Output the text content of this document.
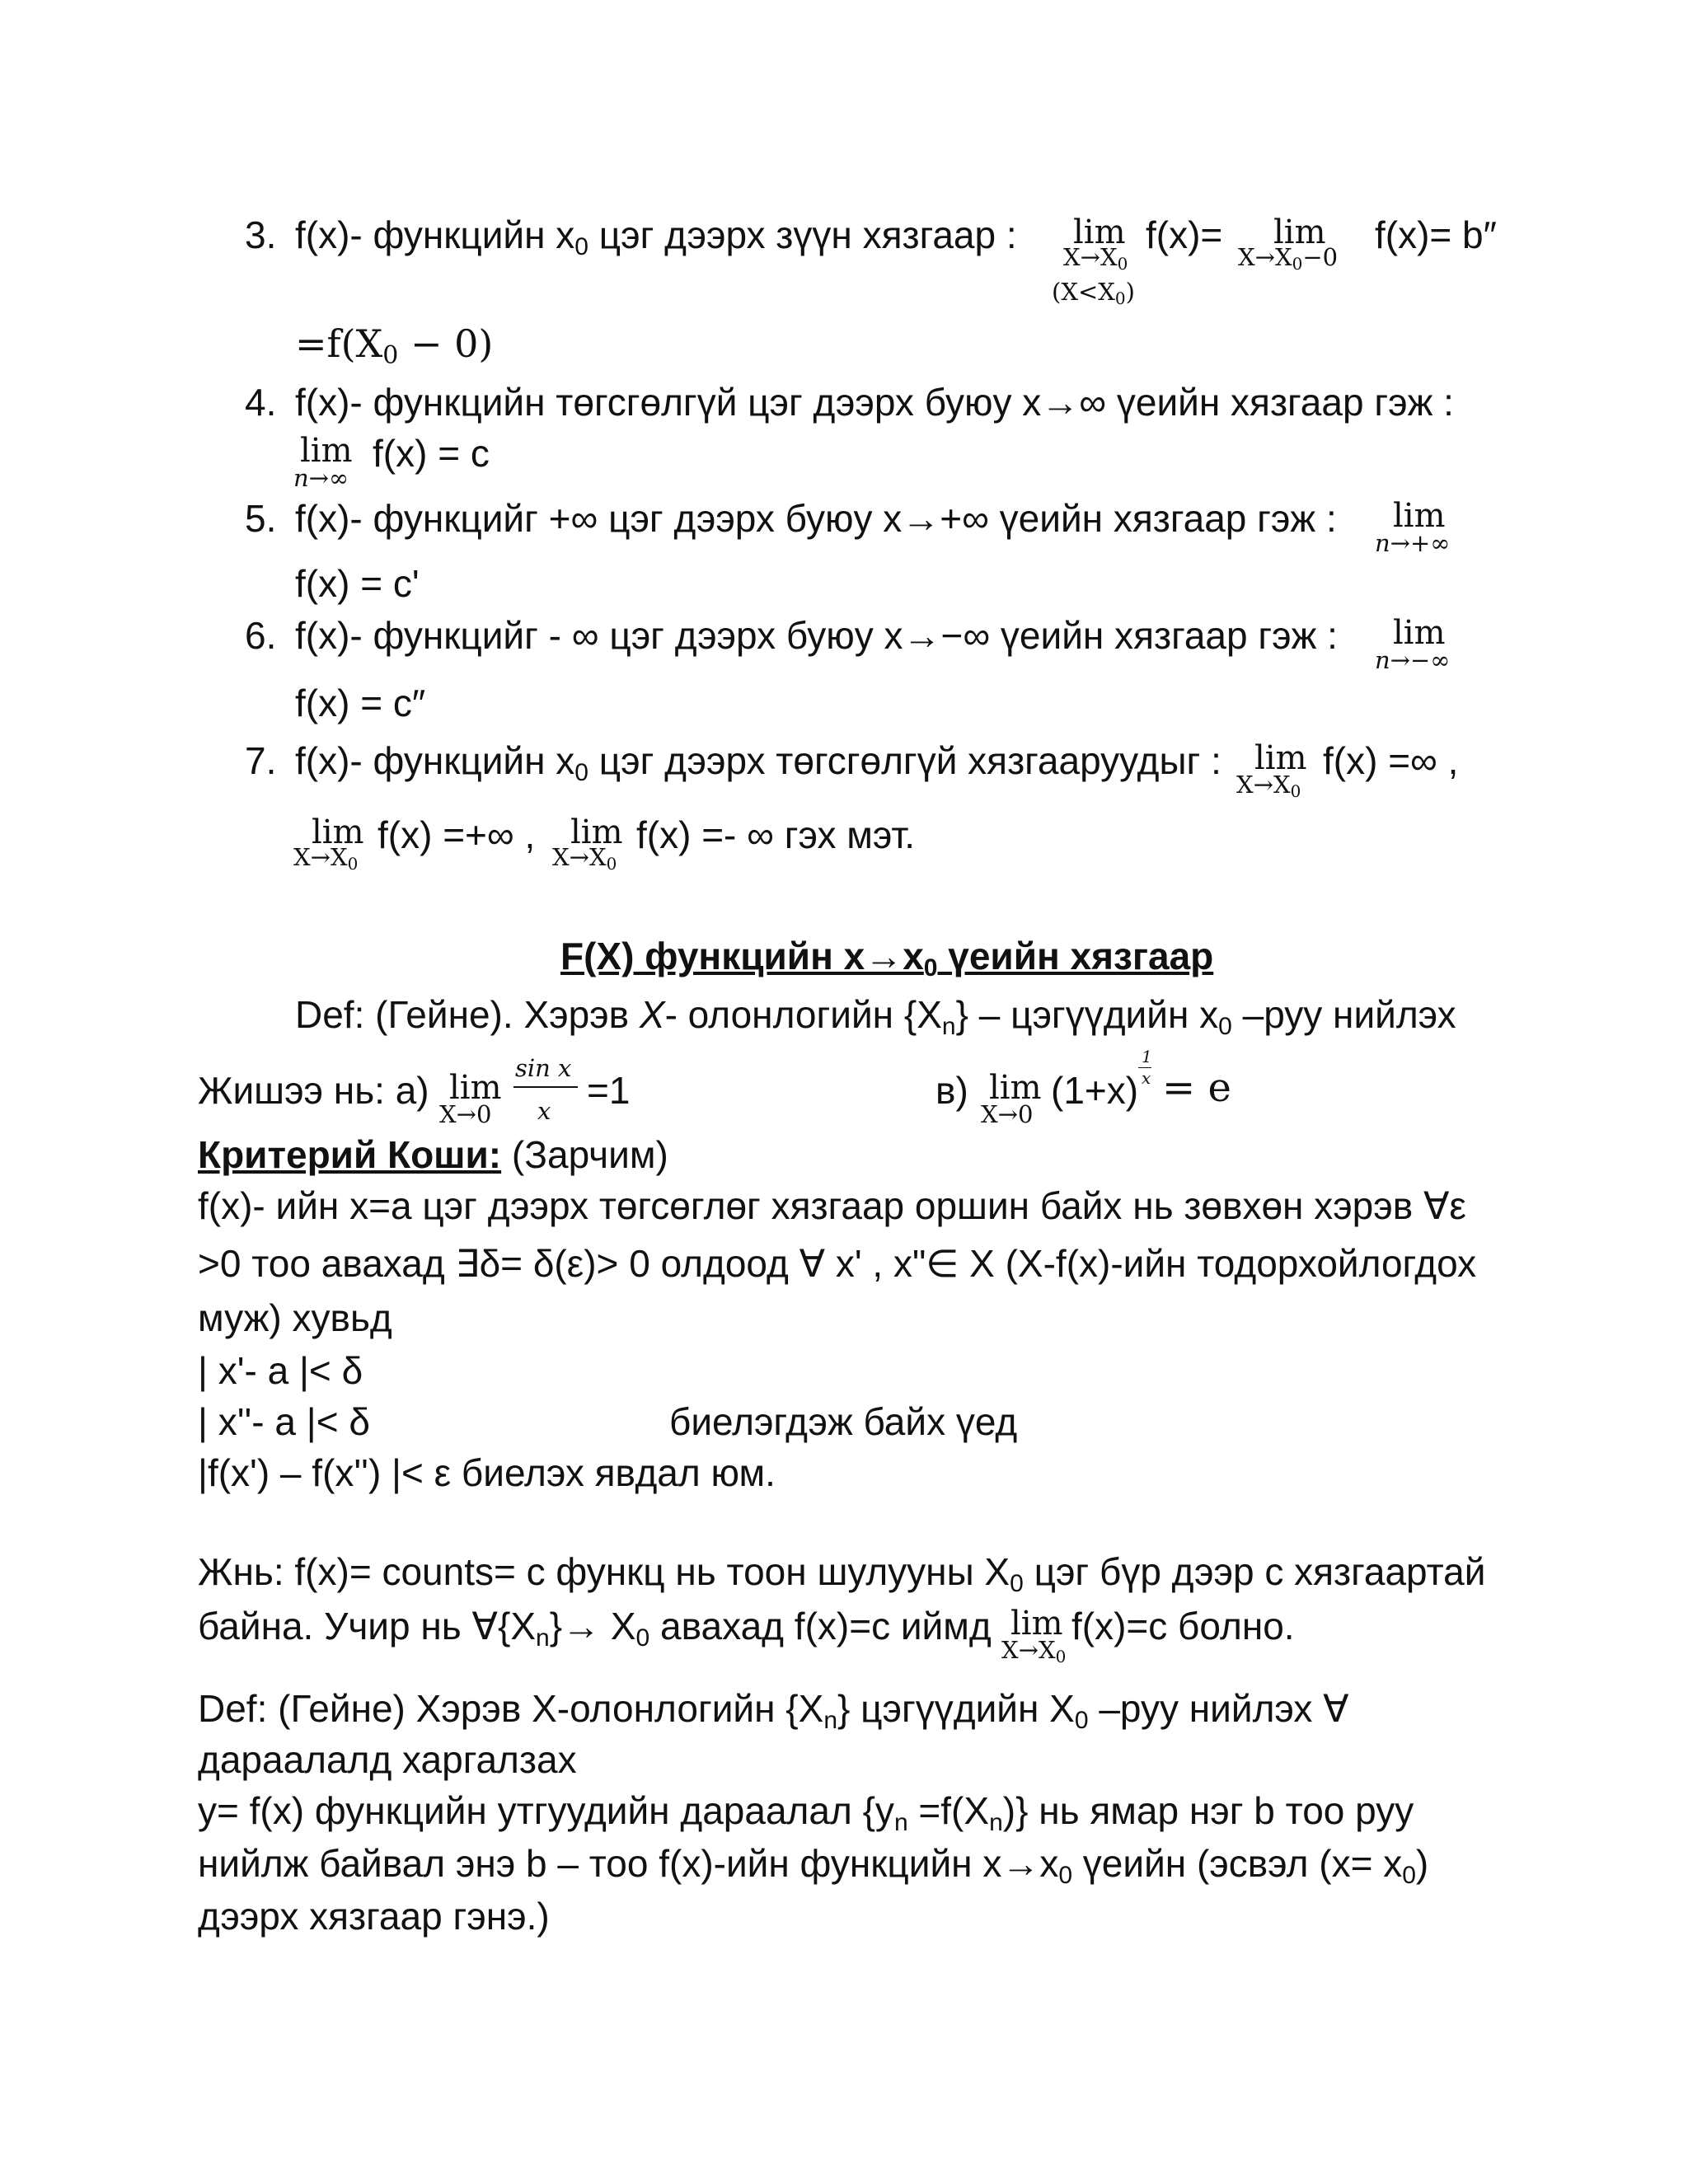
3. f(x)- функцийн $x_0$ цэг дээрх зүүн хязгаар : lim
$X\to X_0$
$(X<X_0)$
f(x)= lim
$X\to X_0-0$
f(x)= b″
$=f(X_0 - 0)$
4. f(x)- функцийн төгсгөлгүй цэг дээрх буюу x→∞ үеийн хязгаар гэж :
lim
n→∞
f(x) = c
5. f(x)- функцийг +∞ цэг дээрх буюу x→+∞ үеийн хязгаар гэж : lim
n→+∞
f(x) = c'
6. f(x)- функцийг - ∞ цэг дээрх буюу x→−∞ үеийн хязгаар гэж : lim
n→−∞
f(x) = c″
7. f(x)- функцийн $x_0$ цэг дээрх төгсгөлгүй хязгааруудыг : lim
$X\to X_0$
f(x) =∞ ,
lim
$X\to X_0$
f(x) =+∞ , lim
$X\to X_0$
f(x) =- ∞ гэх мэт.
F(X) функцийн $x\to x_0$ үеийн хязгаар
Def: (Гейне). Хэрэв X- олонлогийн $\{X_n\}$ – цэгүүдийн $x_0$ –руу нийлэх
Жишээ нь: а) lim
X→0
sin x
x =1	в) lim
X→0
(1+x)
1
x = e
Критерий Коши: (Зарчим)
f(x)- ийн x=a цэг дээрх төгсөглөг хязгаар оршин байх нь зөвхөн хэрэв ∀ε
>0 тоо авахад ∃δ= δ(ε)> 0 олдоод ∀ x' , x"∈ X (X-f(x)-ийн тодорхойлогдох
муж) хувьд
| x'- a |< δ
| x''- a |< δ	биелэгдэж байх үед
|f(x') – f(x'') |< ε биелэх явдал юм.
Жнь: f(x)= counts= c функц нь тоон шулууны $X_0$ цэг бүр дээр c хязгаартай
байна. Учир нь $\forall\{X_n\}\to X_0$ авахад f(x)=c иймд lim
$X\to X_0$
f(x)=c болно.
Def: (Гейне) Хэрэв X-олонлогийн $\{X_n\}$ цэгүүдийн $X_0$ –руу нийлэх ∀
дараалалд харгалзах
y= f(x) функцийн утгуудийн дараалал $\{y_n =f(X_n)\}$ нь ямар нэг b тоо руу
нийлж байвал энэ b – тоо f(x)-ийн функцийн $x\to x_0$ үеийн (эсвэл $(x= x_0)$
дээрх хязгаар гэнэ.)
